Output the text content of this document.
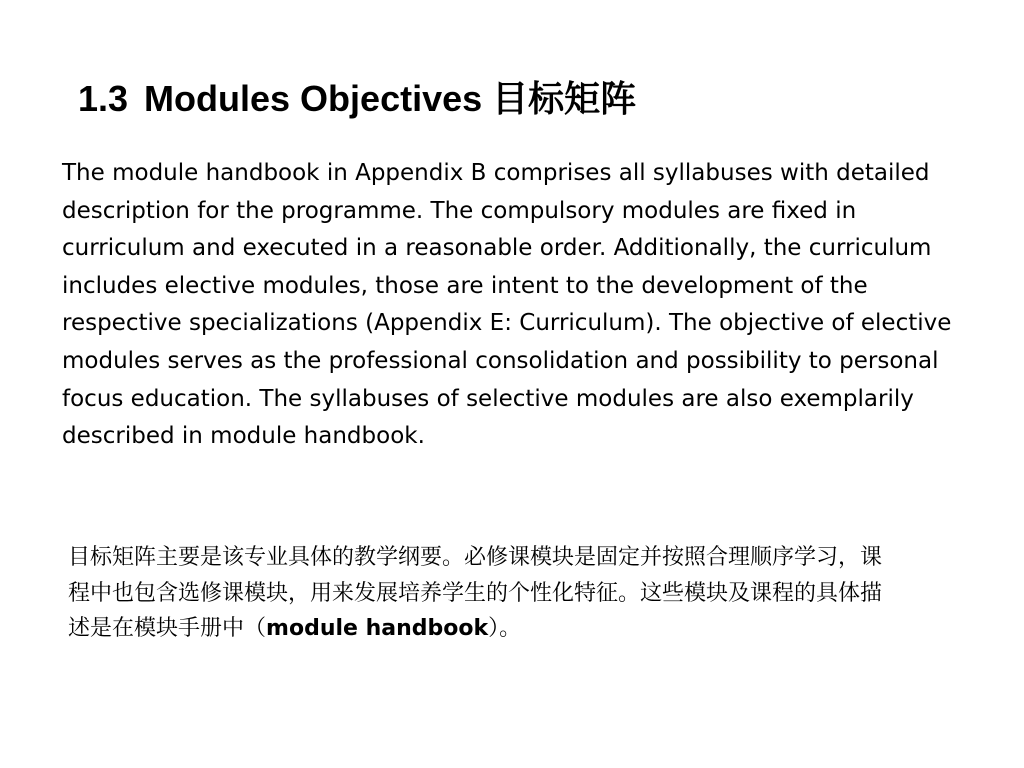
1.3 Modules Objectives 目标矩阵

The module handbook in Appendix B comprises all syllabuses with detailed description for the programme. The compulsory modules are fixed in curriculum and executed in a reasonable order. Additionally, the curriculum includes elective modules, those are intent to the development of the respective specializations (Appendix E: Curriculum). The objective of elective modules serves as the professional consolidation and possibility to personal focus education. The syllabuses of selective modules are also exemplarily described in module handbook.

目标矩阵主要是该专业具体的教学纲要。必修课模块是固定并按照合理顺序学习，课程中也包含选修课模块，用来发展培养学生的个性化特征。这些模块及课程的具体描述是在模块手册中（module handbook）。
